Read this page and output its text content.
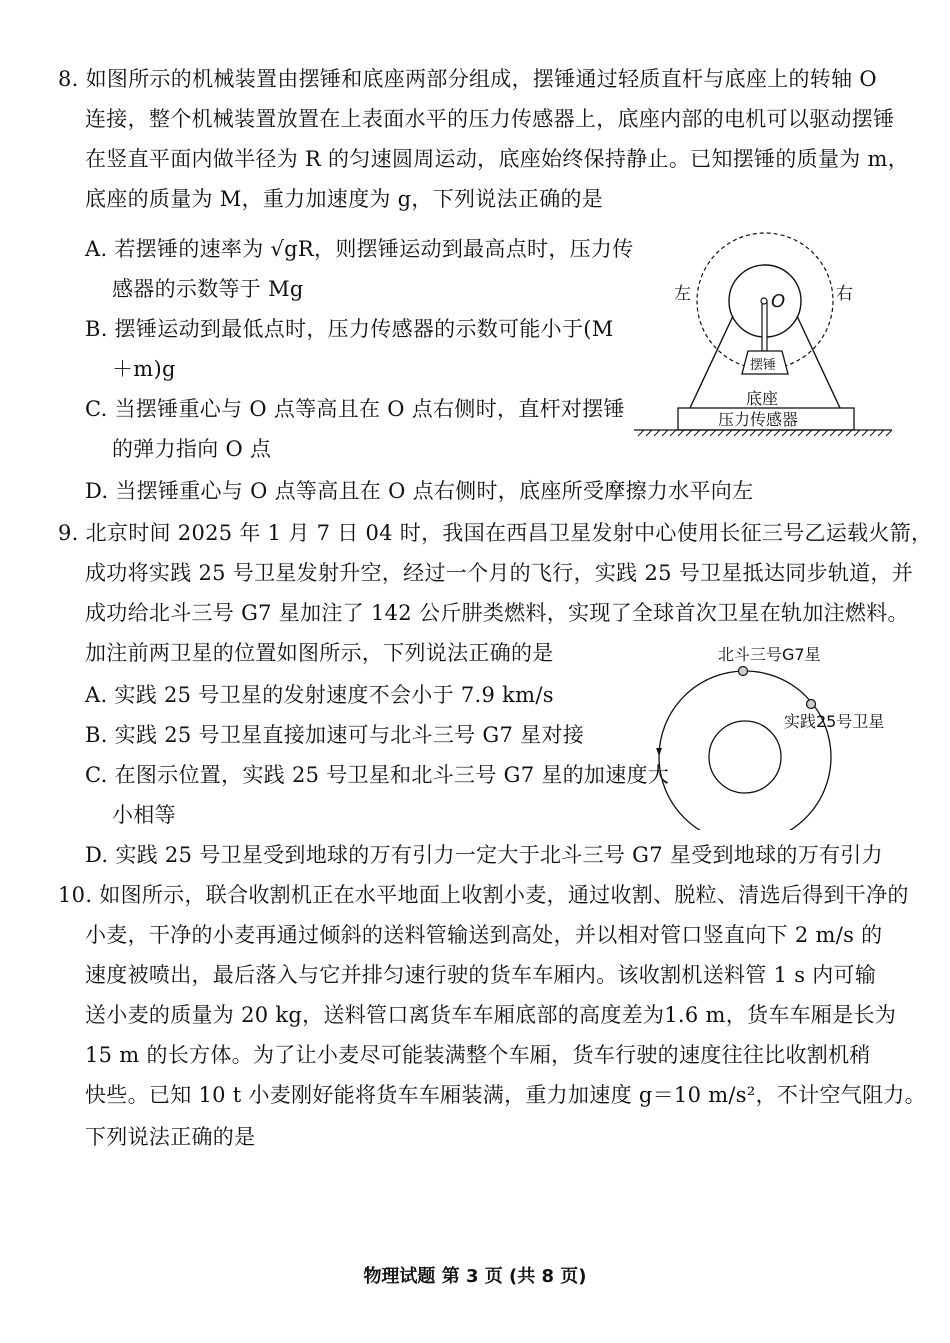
8. 如图所示的机械装置由摆锤和底座两部分组成，摆锤通过轻质直杆与底座上的转轴 O
连接，整个机械装置放置在上表面水平的压力传感器上，底座内部的电机可以驱动摆锤
在竖直平面内做半径为 R 的匀速圆周运动，底座始终保持静止。已知摆锤的质量为 m，
底座的质量为 M，重力加速度为 g，下列说法正确的是
A. 若摆锤的速率为 √gR，则摆锤运动到最高点时，压力传
感器的示数等于 Mg
B. 摆锤运动到最低点时，压力传感器的示数可能小于(M
＋m)g
C. 当摆锤重心与 O 点等高且在 O 点右侧时，直杆对摆锤
的弹力指向 O 点
D. 当摆锤重心与 O 点等高且在 O 点右侧时，底座所受摩擦力水平向左
O
摆锤
左	右
底座
压力传感器
9. 北京时间 2025 年 1 月 7 日 04 时，我国在西昌卫星发射中心使用长征三号乙运载火箭，
成功将实践 25 号卫星发射升空，经过一个月的飞行，实践 25 号卫星抵达同步轨道，并
成功给北斗三号 G7 星加注了 142 公斤肼类燃料，实现了全球首次卫星在轨加注燃料。
加注前两卫星的位置如图所示，下列说法正确的是
A. 实践 25 号卫星的发射速度不会小于 7.9 km/s
B. 实践 25 号卫星直接加速可与北斗三号 G7 星对接
C. 在图示位置，实践 25 号卫星和北斗三号 G7 星的加速度大
小相等
D. 实践 25 号卫星受到地球的万有引力一定大于北斗三号 G7 星受到地球的万有引力
北斗三号G7星
实践25号卫星
10. 如图所示，联合收割机正在水平地面上收割小麦，通过收割、脱粒、清选后得到干净的
小麦，干净的小麦再通过倾斜的送料管输送到高处，并以相对管口竖直向下 2 m/s 的
速度被喷出，最后落入与它并排匀速行驶的货车车厢内。该收割机送料管 1 s 内可输
送小麦的质量为 20 kg，送料管口离货车车厢底部的高度差为1.6 m，货车车厢是长为
15 m 的长方体。为了让小麦尽可能装满整个车厢，货车行驶的速度往往比收割机稍
快些。已知 10 t 小麦刚好能将货车车厢装满，重力加速度 g＝10 m/s²，不计空气阻力。
下列说法正确的是
物理试题 第 3 页 (共 8 页)
